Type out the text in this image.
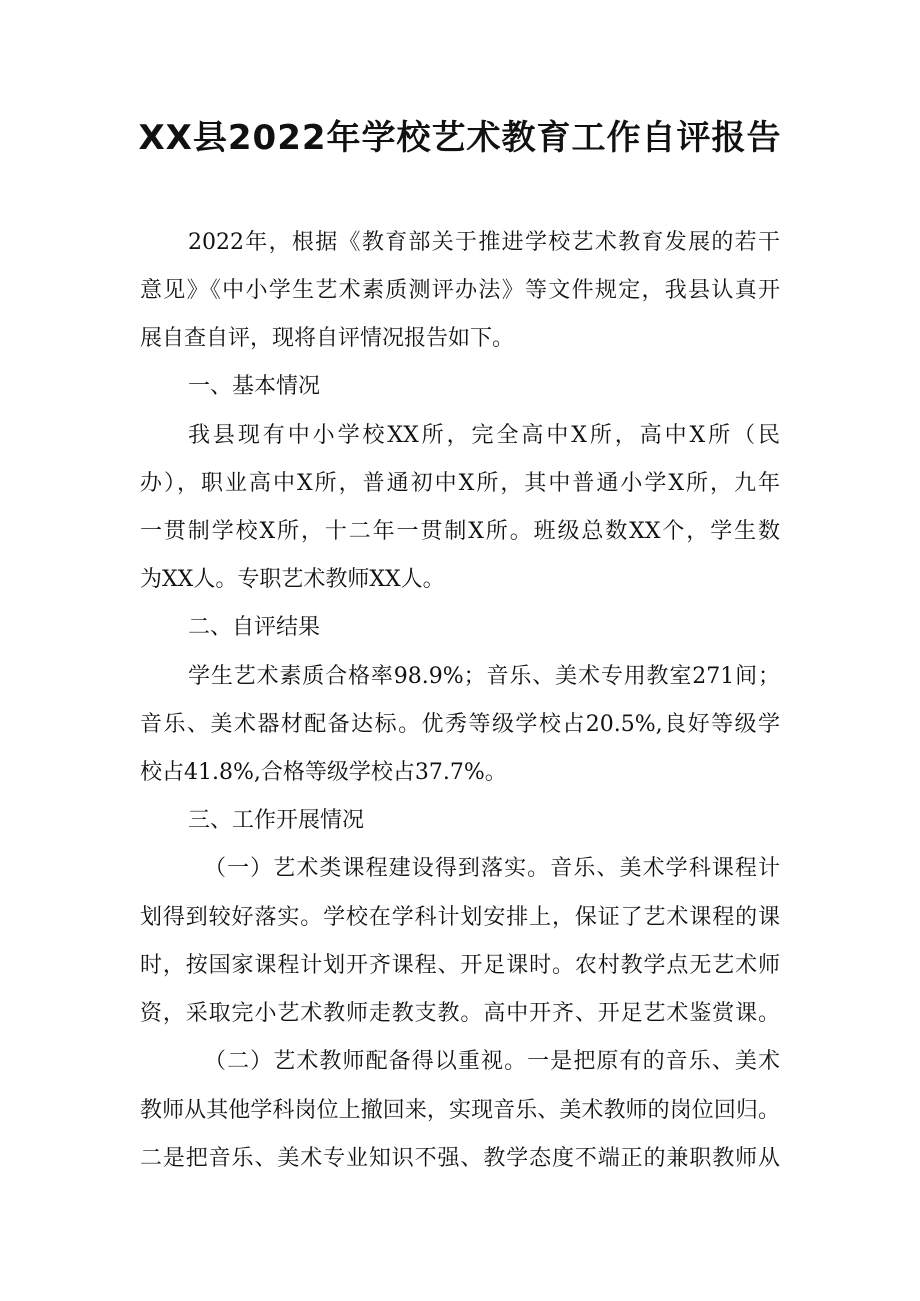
XX县2022年学校艺术教育工作自评报告
2022年，根据《教育部关于推进学校艺术教育发展的若干
意见》《中小学生艺术素质测评办法》等文件规定，我县认真开
展自查自评，现将自评情况报告如下。
一、基本情况
我县现有中小学校XX所，完全高中X所，高中X所（民
办），职业高中X所，普通初中X所，其中普通小学X所，九年
一贯制学校X所，十二年一贯制X所。班级总数XX个，学生数
为XX人。专职艺术教师XX人。
二、自评结果
学生艺术素质合格率98.9%；音乐、美术专用教室271间；
音乐、美术器材配备达标。优秀等级学校占20.5%,良好等级学
校占41.8%,合格等级学校占37.7%。
三、工作开展情况
（一）艺术类课程建设得到落实。音乐、美术学科课程计
划得到较好落实。学校在学科计划安排上，保证了艺术课程的课
时，按国家课程计划开齐课程、开足课时。农村教学点无艺术师
资，采取完小艺术教师走教支教。高中开齐、开足艺术鉴赏课。
（二）艺术教师配备得以重视。一是把原有的音乐、美术
教师从其他学科岗位上撤回来，实现音乐、美术教师的岗位回归。
二是把音乐、美术专业知识不强、教学态度不端正的兼职教师从
